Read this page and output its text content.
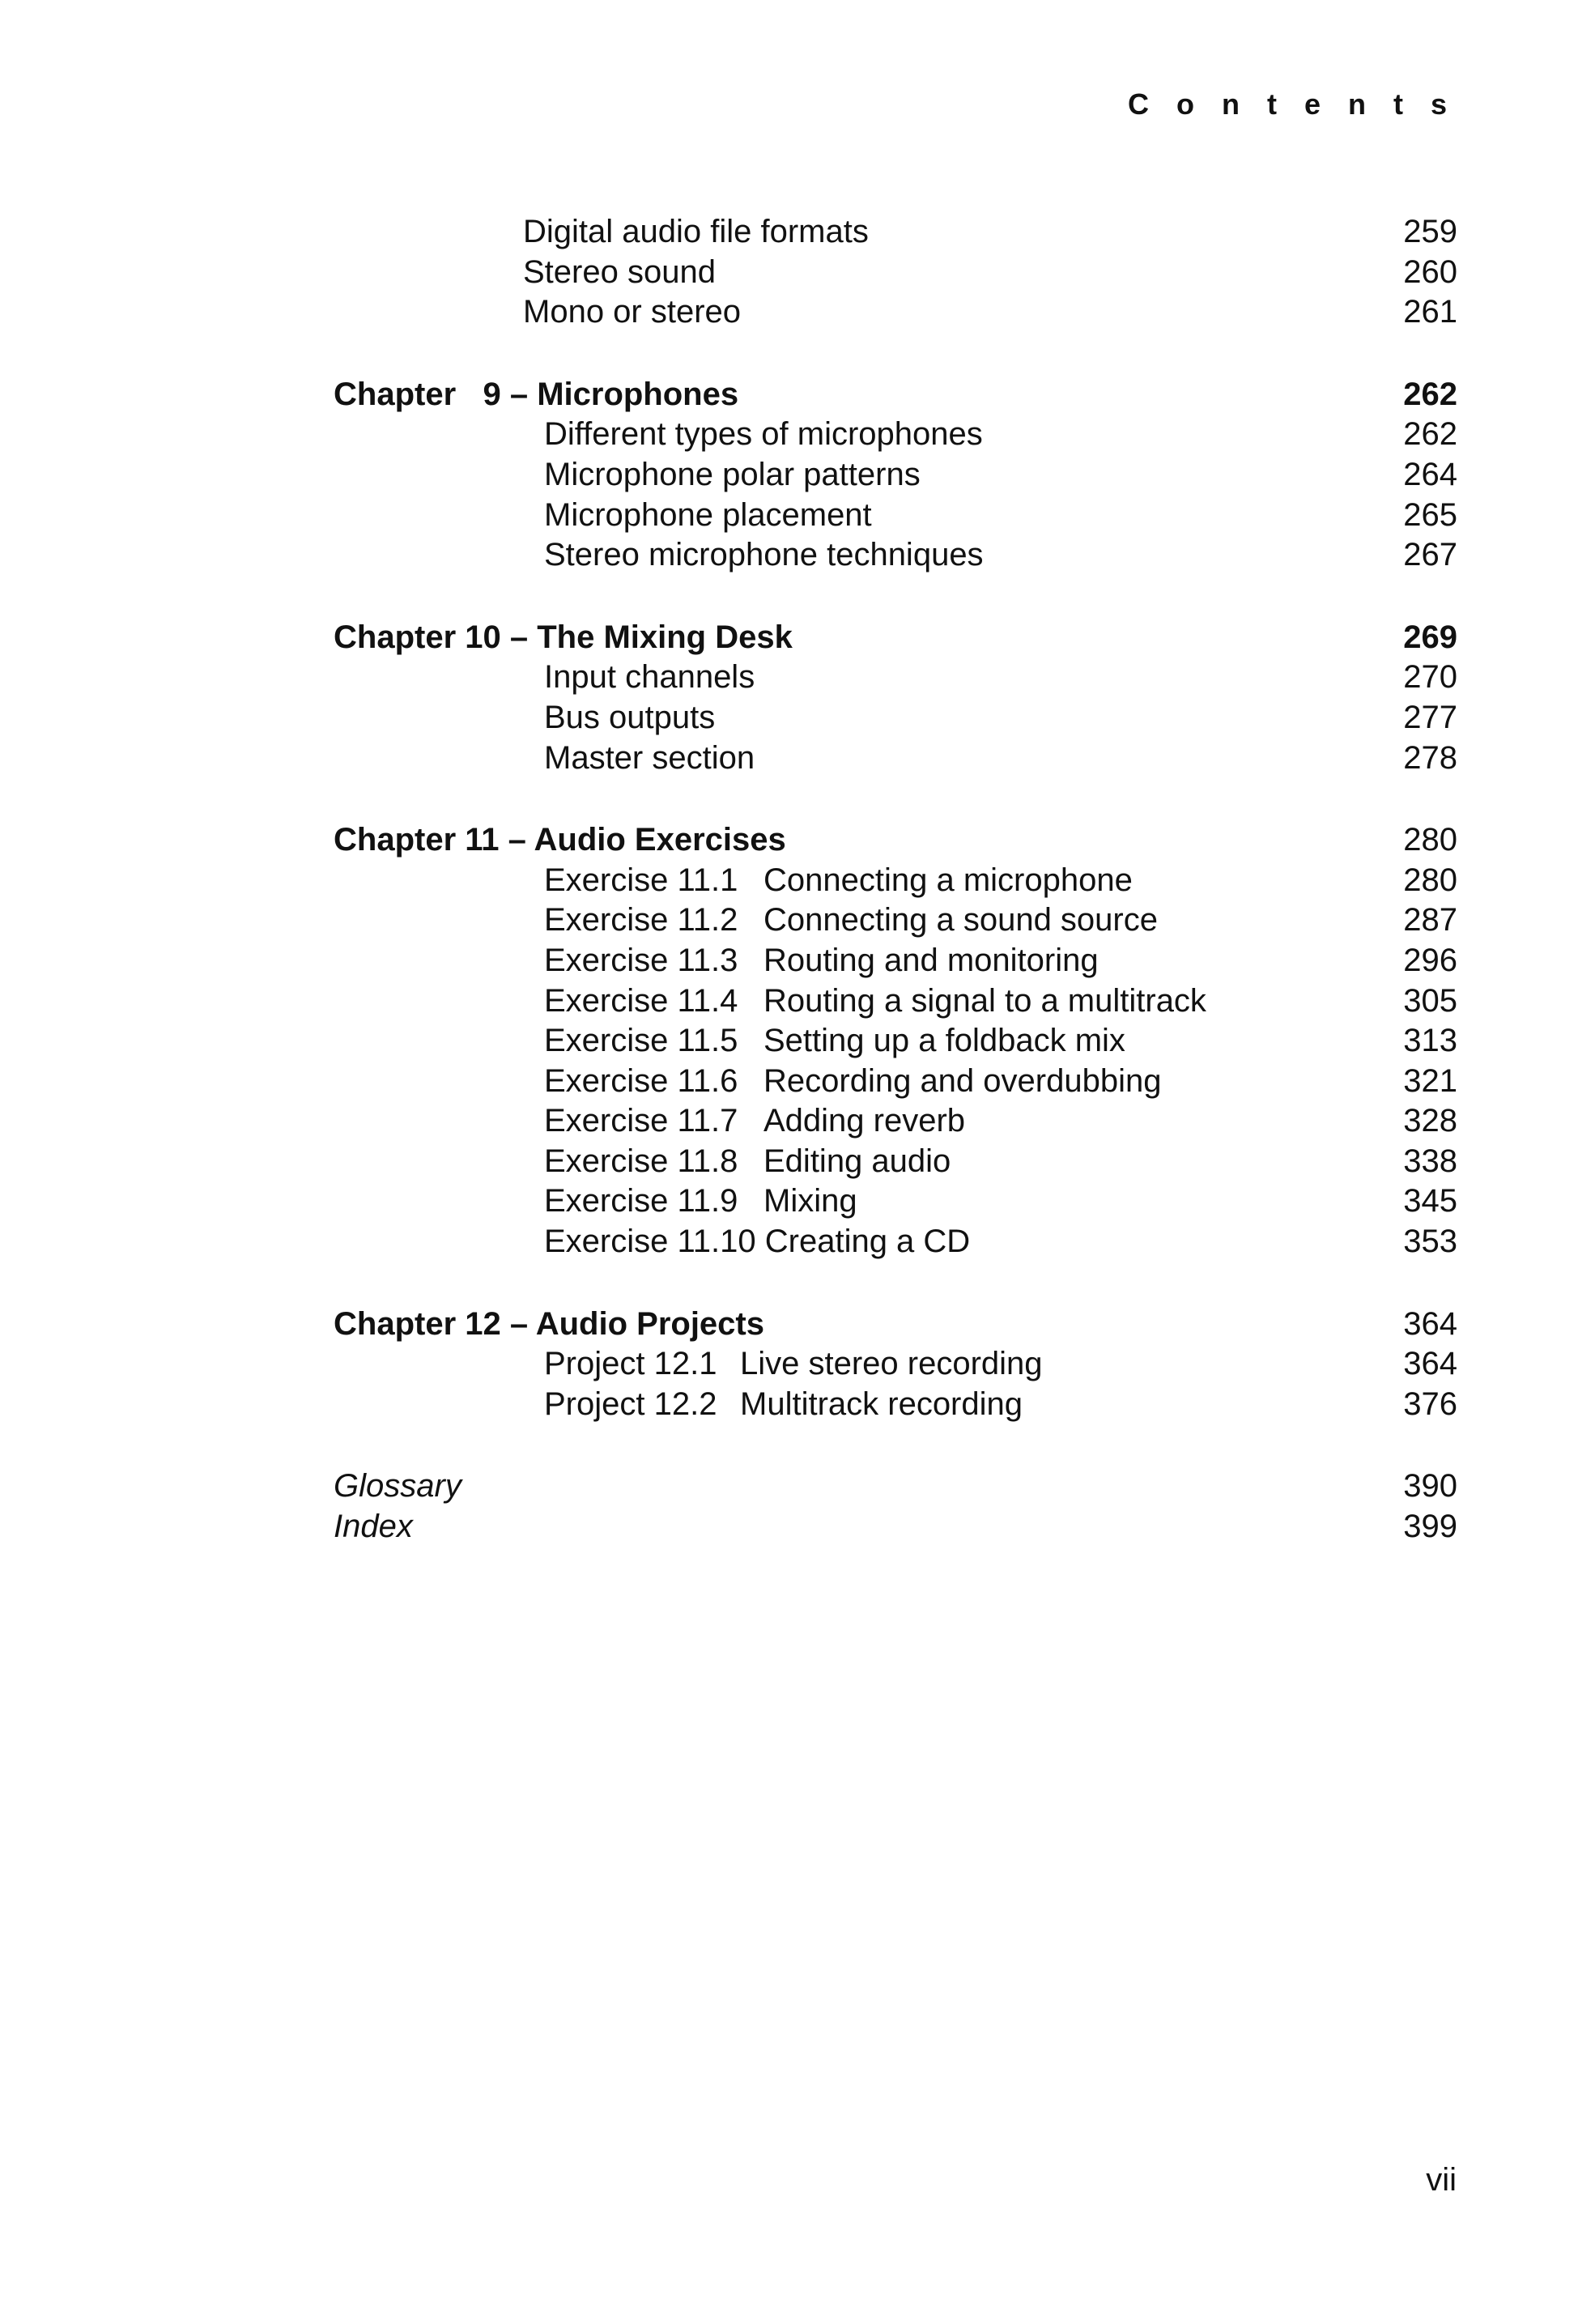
C o n t e n t s
Digital audio file formats	259
Stereo sound	260
Mono or stereo	261
Chapter   9 – Microphones	262
Different types of microphones	262
Microphone polar patterns	264
Microphone placement	265
Stereo microphone techniques	267
Chapter 10 – The Mixing Desk	269
Input channels	270
Bus outputs	277
Master section	278
Chapter 11 – Audio Exercises	280
Exercise 11.1 Connecting a microphone	280
Exercise 11.2 Connecting a sound source	287
Exercise 11.3 Routing and monitoring	296
Exercise 11.4 Routing a signal to a multitrack	305
Exercise 11.5 Setting up a foldback mix	313
Exercise 11.6 Recording and overdubbing	321
Exercise 11.7 Adding reverb	328
Exercise 11.8 Editing audio	338
Exercise 11.9 Mixing	345
Exercise 11.10 Creating a CD	353
Chapter 12 – Audio Projects	364
Project 12.1 Live stereo recording	364
Project 12.2 Multitrack recording	376
Glossary	390
Index	399
vii
